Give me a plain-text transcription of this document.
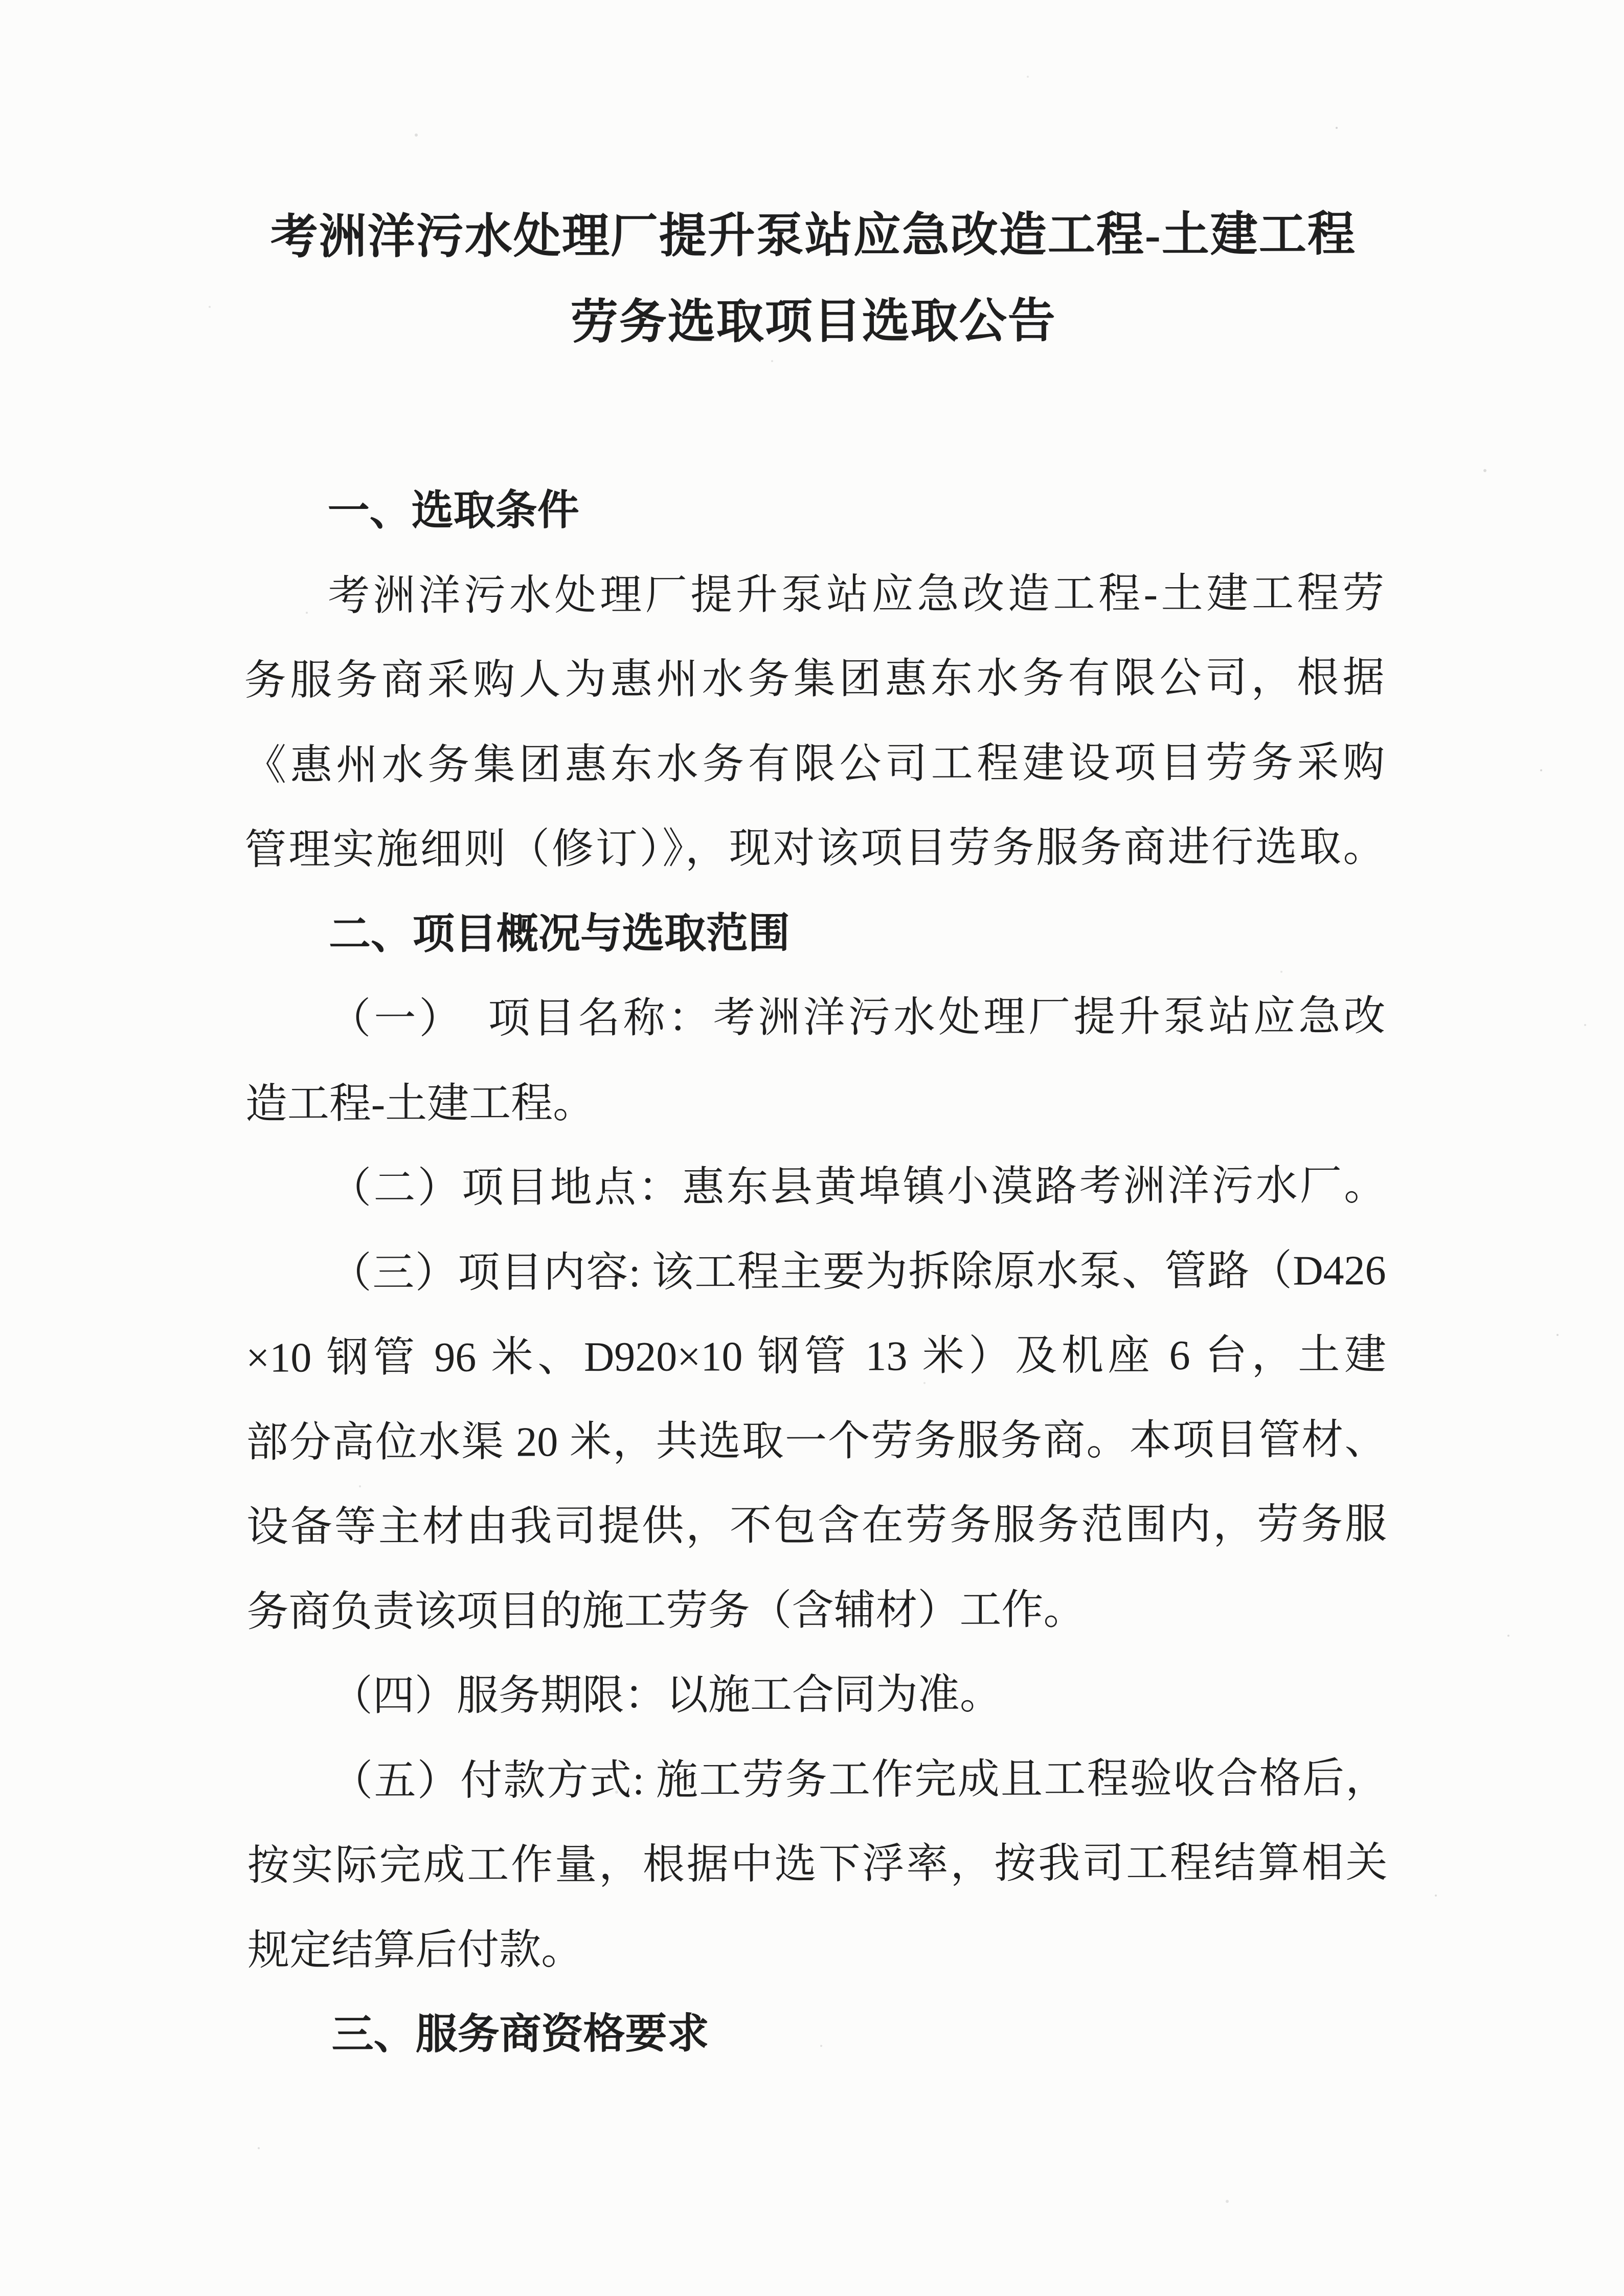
考洲洋污水处理厂提升泵站应急改造工程-土建工程
劳务选取项目选取公告
一、选取条件
考洲洋污水处理厂提升泵站应急改造工程-土建工程劳
务服务商采购人为惠州水务集团惠东水务有限公司，根据
《惠州水务集团惠东水务有限公司工程建设项目劳务采购
管理实施细则（修订）》，现对该项目劳务服务商进行选取。
二、项目概况与选取范围
（一）　项目名称：考洲洋污水处理厂提升泵站应急改
造工程-土建工程。
（二）项目地点：惠东县黄埠镇小漠路考洲洋污水厂。
（三）项目内容: 该工程主要为拆除原水泵、管路（D426
×10 钢管 96 米、D920×10 钢管 13 米）及机座 6 台，土建
部分高位水渠 20 米，共选取一个劳务服务商。本项目管材、
设备等主材由我司提供，不包含在劳务服务范围内，劳务服
务商负责该项目的施工劳务（含辅材）工作。
（四）服务期限：以施工合同为准。
（五）付款方式: 施工劳务工作完成且工程验收合格后，
按实际完成工作量，根据中选下浮率，按我司工程结算相关
规定结算后付款。
三、服务商资格要求
